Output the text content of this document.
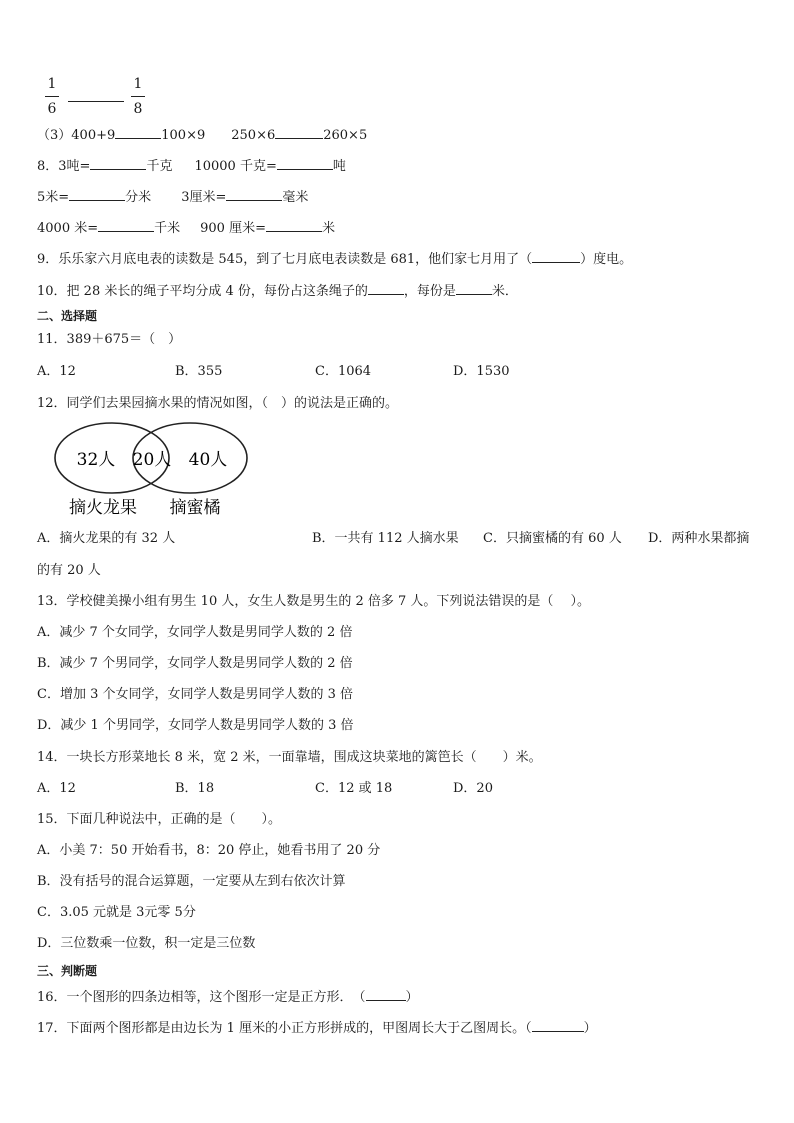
1
6
1
8
（3）400+9	100×9 250×6	260×5
8．3吨=	千克 10000 千克=	吨
5米=	分米 3厘米=	毫米
4000 米=	千米 900 厘米=	米
9．乐乐家六月底电表的读数是 545，到了七月底电表读数是 681，他们家七月用了（	）度电。
10．把 28 米长的绳子平均分成 4 份，每份占这条绳子的	，每份是	米．
二、选择题
11．389＋675＝（　）
A．12	B．355	C．1064	D．1530
12．同学们去果园摘水果的情况如图，（　）的说法是正确的。
32人 20人 40人
摘火龙果 摘蜜橘
A．摘火龙果的有 32 人	B．一共有 112 人摘水果 C．只摘蜜橘的有 60 人 D．两种水果都摘
的有 20 人
13．学校健美操小组有男生 10 人，女生人数是男生的 2 倍多 7 人。下列说法错误的是（　 ）。
A．减少 7 个女同学，女同学人数是男同学人数的 2 倍
B．减少 7 个男同学，女同学人数是男同学人数的 2 倍
C．增加 3 个女同学，女同学人数是男同学人数的 3 倍
D．减少 1 个男同学，女同学人数是男同学人数的 3 倍
14．一块长方形菜地长 8 米，宽 2 米，一面靠墙，围成这块菜地的篱笆长（　　）米。
A．12	B．18	C．12 或 18	D．20
15．下面几种说法中，正确的是（　　）。
A．小美 7：50 开始看书，8：20 停止，她看书用了 20 分
B．没有括号的混合运算题，一定要从左到右依次计算
C．3.05 元就是 3元零 5分
D．三位数乘一位数，积一定是三位数
三、判断题
16．一个图形的四条边相等，这个图形一定是正方形．　（	）
17．下面两个图形都是由边长为 1 厘米的小正方形拼成的，甲图周长大于乙图周长。（	）
